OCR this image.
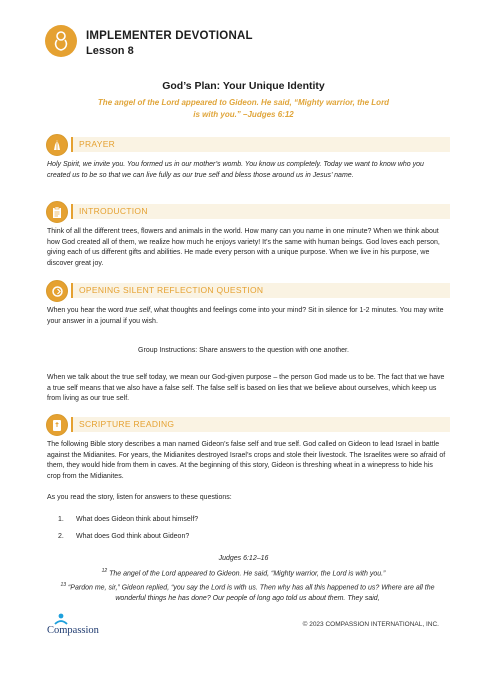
IMPLEMENTER DEVOTIONAL
Lesson 8
God’s Plan: Your Unique Identity
The angel of the Lord appeared to Gideon. He said, “Mighty warrior, the Lord is with you.” –Judges 6:12
PRAYER

Holy Spirit, we invite you. You formed us in our mother’s womb. You know us completely. Today we want to know who you created us to be so that we can live fully as our true self and bless those around us in Jesus’ name.

INTRODUCTION

Think of all the different trees, flowers and animals in the world. How many can you name in one minute? When we think about how God created all of them, we realize how much he enjoys variety! It’s the same with human beings. God loves each person, giving each of us different gifts and abilities. He made every person with a unique purpose. When we live in his purpose, we discover great joy.

OPENING SILENT REFLECTION QUESTION

When you hear the word true self, what thoughts and feelings come into your mind? Sit in silence for 1-2 minutes. You may write your answer in a journal if you wish.

Group Instructions: Share answers to the question with one another.

When we talk about the true self today, we mean our God-given purpose – the person God made us to be. The fact that we have a true self means that we also have a false self. The false self is based on lies that we believe about ourselves, which keep us from living as our true self.

SCRIPTURE READING

The following Bible story describes a man named Gideon’s false self and true self. God called on Gideon to lead Israel in battle against the Midianites. For years, the Midianites destroyed Israel’s crops and stole their livestock. The Israelites were so afraid of them, they would hide from them in caves. At the beginning of this story, Gideon is threshing wheat in a winepress to hide his crop from the Midianites.

As you read the story, listen for answers to these questions:

1. What does Gideon think about himself?
2. What does God think about Gideon?
Judges 6:12–16
$^{12}$ The angel of the Lord appeared to Gideon. He said, “Mighty warrior, the Lord is with you.”

$^{13}$ “Pardon me, sir,” Gideon replied, “you say the Lord is with us. Then why has all this happened to us? Where are all the wonderful things he has done? Our people of long ago told us about them. They said,

Compassion
© 2023 COMPASSION INTERNATIONAL, INC.
